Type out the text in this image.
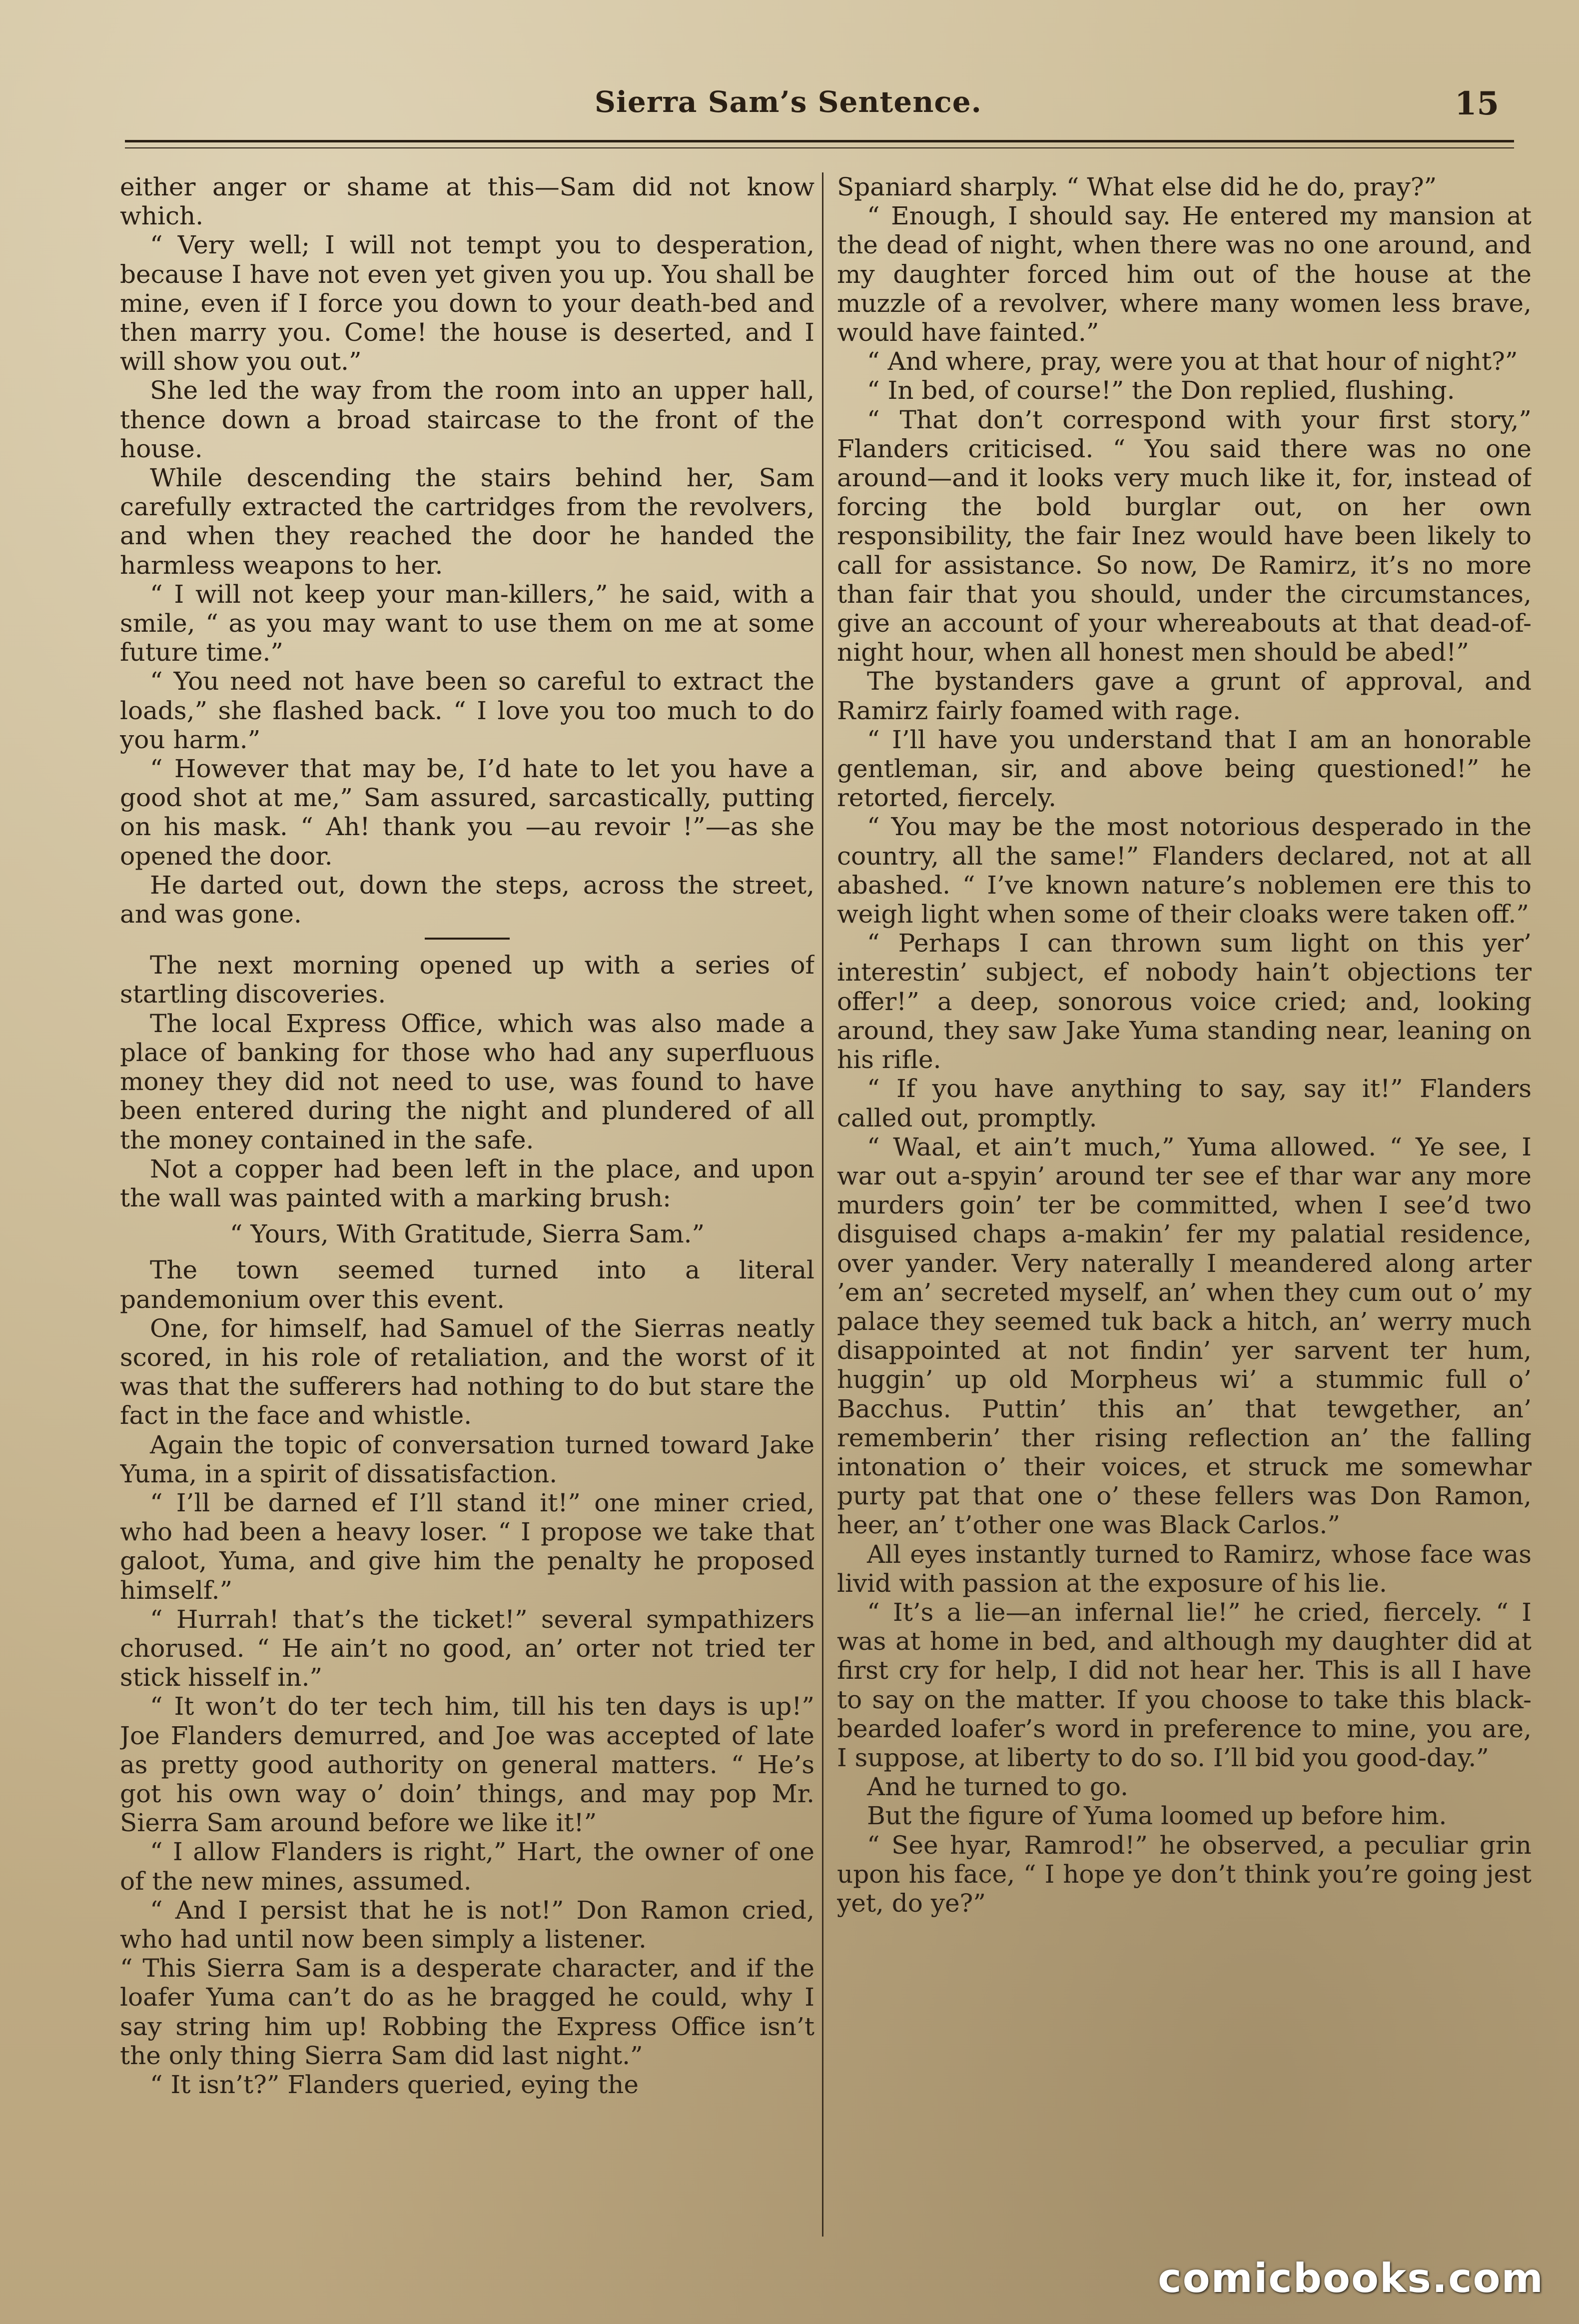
Sierra Sam’s Sentence.	15

either anger or shame at this—Sam did not know which.

“ Very well; I will not tempt you to desperation, because I have not even yet given you up. You shall be mine, even if I force you down to your death-bed and then marry you. Come! the house is deserted, and I will show you out.”

She led the way from the room into an upper hall, thence down a broad staircase to the front of the house.

While descending the stairs behind her, Sam carefully extracted the cartridges from the revolvers, and when they reached the door he handed the harmless weapons to her.

“ I will not keep your man-killers,” he said, with a smile, “ as you may want to use them on me at some future time.”

“ You need not have been so careful to extract the loads,” she flashed back. “ I love you too much to do you harm.”

“ However that may be, I’d hate to let you have a good shot at me,” Sam assured, sarcastically, putting on his mask. “ Ah! thank you —au revoir !”—as she opened the door.

He darted out, down the steps, across the street, and was gone.

The next morning opened up with a series of startling discoveries.

The local Express Office, which was also made a place of banking for those who had any superfluous money they did not need to use, was found to have been entered during the night and plundered of all the money contained in the safe.

Not a copper had been left in the place, and upon the wall was painted with a marking brush:

“ Yours, With Gratitude, Sierra Sam.”

The town seemed turned into a literal pandemonium over this event.

One, for himself, had Samuel of the Sierras neatly scored, in his role of retaliation, and the worst of it was that the sufferers had nothing to do but stare the fact in the face and whistle.

Again the topic of conversation turned toward Jake Yuma, in a spirit of dissatisfaction.

“ I’ll be darned ef I’ll stand it!” one miner cried, who had been a heavy loser. “ I propose we take that galoot, Yuma, and give him the penalty he proposed himself.”

“ Hurrah! that’s the ticket!” several sympathizers chorused. “ He ain’t no good, an’ orter not tried ter stick hisself in.”

“ It won’t do ter tech him, till his ten days is up!” Joe Flanders demurred, and Joe was accepted of late as pretty good authority on general matters. “ He’s got his own way o’ doin’ things, and may pop Mr. Sierra Sam around before we like it!”

“ I allow Flanders is right,” Hart, the owner of one of the new mines, assumed.

“ And I persist that he is not!” Don Ramon cried, who had until now been simply a listener.

“ This Sierra Sam is a desperate character, and if the loafer Yuma can’t do as he bragged he could, why I say string him up! Robbing the Express Office isn’t the only thing Sierra Sam did last night.”

“ It isn’t?” Flanders queried, eying the

Spaniard sharply. “ What else did he do, pray?”

“ Enough, I should say. He entered my mansion at the dead of night, when there was no one around, and my daughter forced him out of the house at the muzzle of a revolver, where many women less brave, would have fainted.”

“ And where, pray, were you at that hour of night?”

“ In bed, of course!” the Don replied, flushing.

“ That don’t correspond with your first story,” Flanders criticised. “ You said there was no one around—and it looks very much like it, for, instead of forcing the bold burglar out, on her own responsibility, the fair Inez would have been likely to call for assistance. So now, De Ramirz, it’s no more than fair that you should, under the circumstances, give an account of your whereabouts at that dead-of-night hour, when all honest men should be abed!”

The bystanders gave a grunt of approval, and Ramirz fairly foamed with rage.

“ I’ll have you understand that I am an honorable gentleman, sir, and above being questioned!” he retorted, fiercely.

“ You may be the most notorious desperado in the country, all the same!” Flanders declared, not at all abashed. “ I’ve known nature’s noblemen ere this to weigh light when some of their cloaks were taken off.”

“ Perhaps I can thrown sum light on this yer’ interestin’ subject, ef nobody hain’t objections ter offer!” a deep, sonorous voice cried; and, looking around, they saw Jake Yuma standing near, leaning on his rifle.

“ If you have anything to say, say it!” Flanders called out, promptly.

“ Waal, et ain’t much,” Yuma allowed. “ Ye see, I war out a-spyin’ around ter see ef thar war any more murders goin’ ter be committed, when I see’d two disguised chaps a-makin’ fer my palatial residence, over yander. Very naterally I meandered along arter ’em an’ secreted myself, an’ when they cum out o’ my palace they seemed tuk back a hitch, an’ werry much disappointed at not findin’ yer sarvent ter hum, huggin’ up old Morpheus wi’ a stummic full o’ Bacchus. Puttin’ this an’ that tewgether, an’ rememberin’ ther rising reflection an’ the falling intonation o’ their voices, et struck me somewhar purty pat that one o’ these fellers was Don Ramon, heer, an’ t’other one was Black Carlos.”

All eyes instantly turned to Ramirz, whose face was livid with passion at the exposure of his lie.

“ It’s a lie—an infernal lie!” he cried, fiercely. “ I was at home in bed, and although my daughter did at first cry for help, I did not hear her. This is all I have to say on the matter. If you choose to take this black-bearded loafer’s word in preference to mine, you are, I suppose, at liberty to do so. I’ll bid you good-day.”

And he turned to go.

But the figure of Yuma loomed up before him.

“ See hyar, Ramrod!” he observed, a peculiar grin upon his face, “ I hope ye don’t think you’re going jest yet, do ye?”

comicbooks.com
